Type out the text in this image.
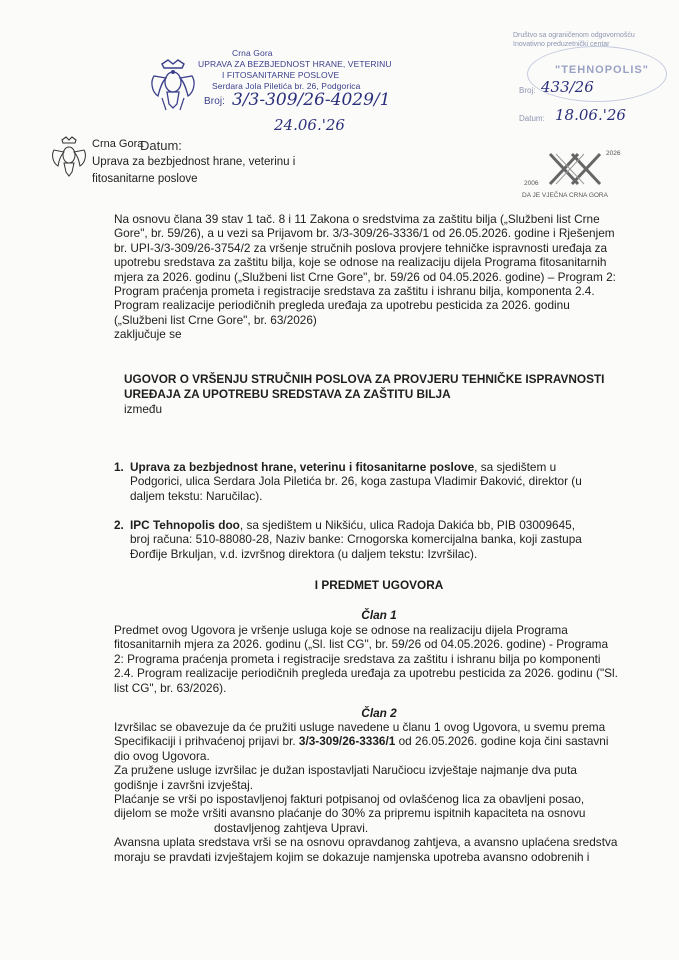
Crna Gora
UPRAVA ZA BEZBJEDNOST HRANE, VETERINU
I FITOSANITARNE POSLOVE
Serdara Jola Piletića br. 26, Podgorica
Broj: 3/3-309/26-4029/1
24.06.'26
Društvo sa ograničenom odgovornošću
Inovativno preduzetnički centar
"TEHNOPOLIS"
Broj: 433/26
Datum: 18.06.'26
Crna Gora
Datum:
Uprava za bezbjednost hrane, veterinu i
fitosanitarne poslove	2006
2026
DA JE VJEČNA CRNA GORA

Na osnovu člana 39 stav 1 tač. 8 i 11 Zakona o sredstvima za zaštitu bilja („Službeni list Crne

Gore", br. 59/26), a u vezi sa Prijavom br. 3/3-309/26-3336/1 od 26.05.2026. godine i Rješenjem

br. UPI-3/3-309/26-3754/2 za vršenje stručnih poslova provjere tehničke ispravnosti uređaja za

upotrebu sredstava za zaštitu bilja, koje se odnose na realizaciju dijela Programa fitosanitarnih

mjera za 2026. godinu („Službeni list Crne Gore", br. 59/26 od 04.05.2026. godine) – Program 2:

Program praćenja prometa i registracije sredstava za zaštitu i ishranu bilja, komponenta 2.4.

Program realizacije periodičnih pregleda uređaja za upotrebu pesticida za 2026. godinu

(„Službeni list Crne Gore", br. 63/2026)

zaključuje se

UGOVOR O VRŠENJU STRUČNIH POSLOVA ZA PROVJERU TEHNIČKE ISPRAVNOSTI

UREĐAJA ZA UPOTREBU SREDSTAVA ZA ZAŠTITU BILJA

između

1. Uprava za bezbjednost hrane, veterinu i fitosanitarne poslove, sa sjedištem u

Podgorici, ulica Serdara Jola Piletića br. 26, koga zastupa Vladimir Đaković, direktor (u

daljem tekstu: Naručilac).

2. IPC Tehnopolis doo, sa sjedištem u Nikšiću, ulica Radoja Dakića bb, PIB 03009645,

broj računa: 510-88080-28, Naziv banke: Crnogorska komercijalna banka, koji zastupa

Đorđije Brkuljan, v.d. izvršnog direktora (u daljem tekstu: Izvršilac).

I PREDMET UGOVORA
Član 1

Predmet ovog Ugovora je vršenje usluga koje se odnose na realizaciju dijela Programa

fitosanitarnih mjera za 2026. godinu („Sl. list CG", br. 59/26 od 04.05.2026. godine) - Programa

2: Programa praćenja prometa i registracije sredstava za zaštitu i ishranu bilja po komponenti

2.4. Program realizacije periodičnih pregleda uređaja za upotrebu pesticida za 2026. godinu ("Sl.

list CG", br. 63/2026).

Član 2

Izvršilac se obavezuje da će pružiti usluge navedene u članu 1 ovog Ugovora, u svemu prema

Specifikaciji i prihvaćenoj prijavi br. 3/3-309/26-3336/1 od 26.05.2026. godine koja čini sastavni

dio ovog Ugovora.

Za pružene usluge izvršilac je dužan ispostavljati Naručiocu izvještaje najmanje dva puta

godišnje i završni izvještaj.

Plaćanje se vrši po ispostavljenoj fakturi potpisanoj od ovlašćenog lica za obavljeni posao,

dijelom se može vršiti avansno plaćanje do 30% za pripremu ispitnih kapaciteta na osnovu

dostavljenog zahtjeva Upravi.

Avansna uplata sredstava vrši se na osnovu opravdanog zahtjeva, a avansno uplaćena sredstva

moraju se pravdati izvještajem kojim se dokazuje namjenska upotreba avansno odobrenih i
